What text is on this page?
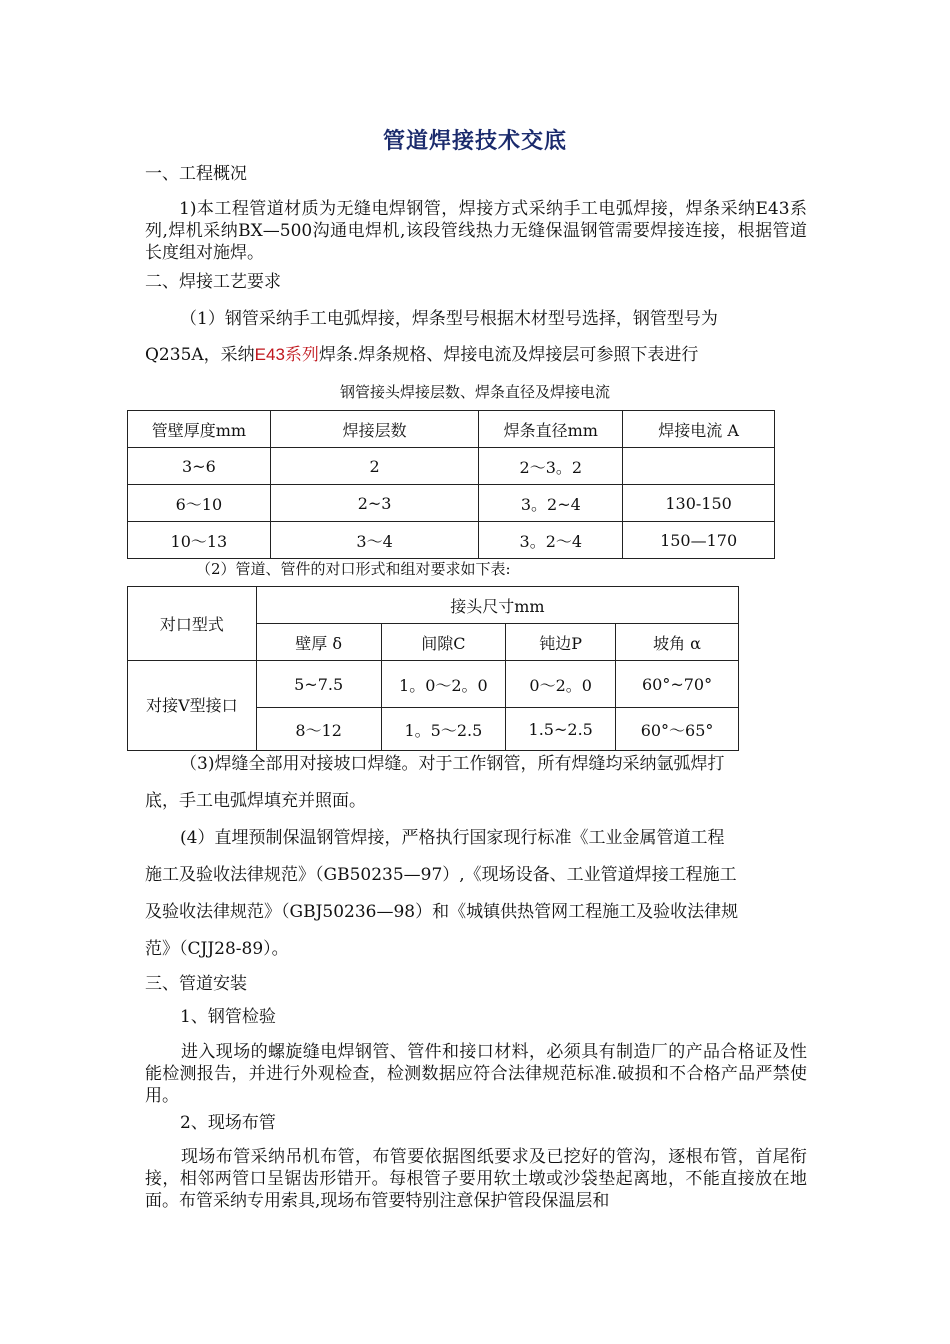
管道焊接技术交底
一、工程概况
1)本工程管道材质为无缝电焊钢管，焊接方式采纳手工电弧焊接，焊条采纳E43系列,焊机采纳BX—500沟通电焊机,该段管线热力无缝保温钢管需要焊接连接，根据管道长度组对施焊。
二、焊接工艺要求
（1）钢管采纳手工电弧焊接，焊条型号根据木材型号选择，钢管型号为
Q235A，采纳E43系列焊条.焊条规格、焊接电流及焊接层可参照下表进行
钢管接头焊接层数、焊条直径及焊接电流
管壁厚度mm	焊接层数	焊条直径mm	焊接电流 A
3~6	2	2～3。2	
6～10	2~3	3。2~4	130-150
10～13	3～4	3。2～4	150—170
（2）管道、管件的对口形式和组对要求如下表:
对口型式	接头尺寸mm			
	壁厚 δ	间隙C	钝边P	坡角 α
对接V型接口	5~7.5	1。0～2。0	0～2。0	60°~70°
	8～12	1。5～2.5	1.5~2.5	60°～65°
（3)焊缝全部用对接坡口焊缝。对于工作钢管，所有焊缝均采纳氩弧焊打
底，手工电弧焊填充并照面。
(4）直埋预制保温钢管焊接，严格执行国家现行标准《工业金属管道工程
施工及验收法律规范》（GB50235—97）,《现场设备、工业管道焊接工程施工
及验收法律规范》（GBJ50236—98）和《城镇供热管网工程施工及验收法律规
范》（CJJ28-89）。
三、管道安装
1、钢管检验
进入现场的螺旋缝电焊钢管、管件和接口材料，必须具有制造厂的产品合格证及性能检测报告，并进行外观检查，检测数据应符合法律规范标准.破损和不合格产品严禁使用。
2、现场布管
现场布管采纳吊机布管，布管要依据图纸要求及已挖好的管沟，逐根布管，首尾衔接，相邻两管口呈锯齿形错开。每根管子要用软土墩或沙袋垫起离地，不能直接放在地面。布管采纳专用索具,现场布管要特别注意保护管段保温层和
